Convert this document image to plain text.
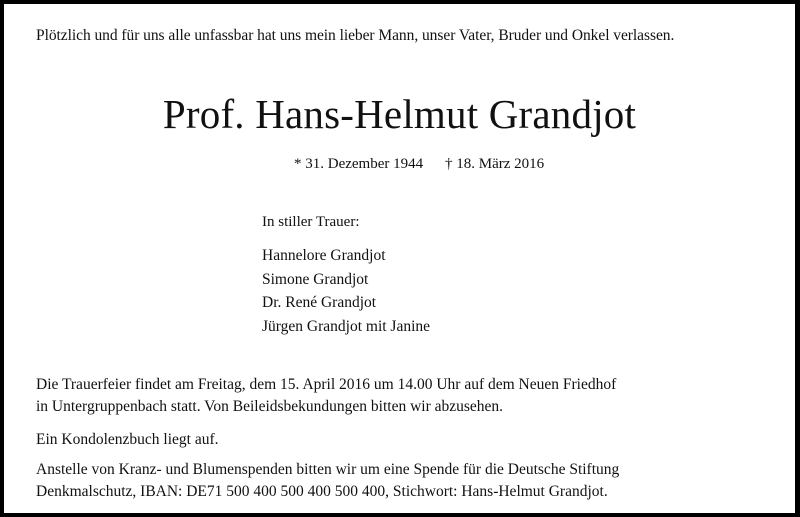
Plötzlich und für uns alle unfassbar hat uns mein lieber Mann, unser Vater, Bruder und Onkel verlassen.
Prof. Hans-Helmut Grandjot
* 31. Dezember 1944 † 18. März 2016
In stiller Trauer:
Hannelore Grandjot
Simone Grandjot
Dr. René Grandjot
Jürgen Grandjot mit Janine
Die Trauerfeier findet am Freitag, dem 15. April 2016 um 14.00 Uhr auf dem Neuen Friedhof
in Untergruppenbach statt. Von Beileidsbekundungen bitten wir abzusehen.
Ein Kondolenzbuch liegt auf.
Anstelle von Kranz- und Blumenspenden bitten wir um eine Spende für die Deutsche Stiftung
Denkmalschutz, IBAN: DE71 500 400 500 400 500 400, Stichwort: Hans-Helmut Grandjot.
